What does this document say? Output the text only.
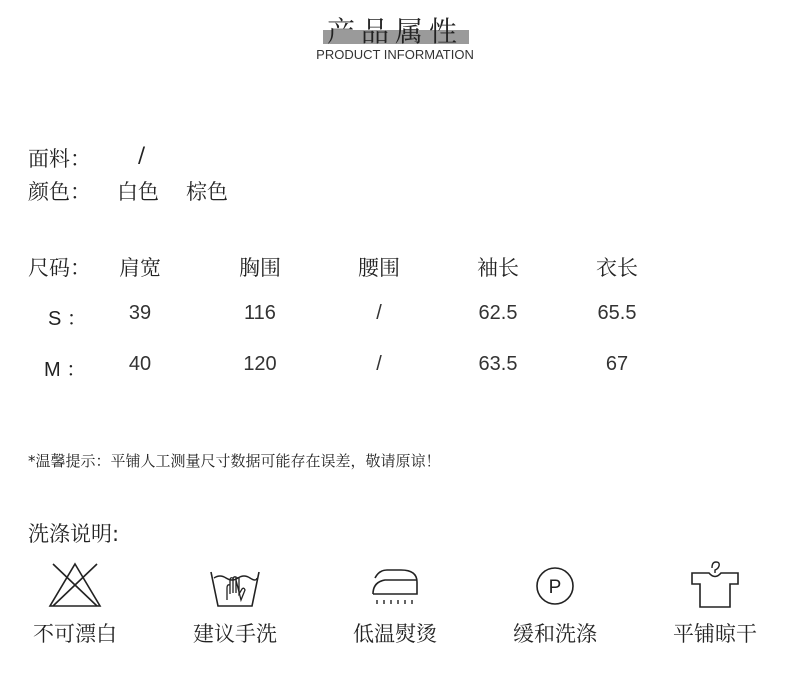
产品属性
PRODUCT INFORMATION
面料： /
颜色： 白色 棕色
尺码：	肩宽	胸围	腰围	袖长	衣长
S ：	39	116	/	62.5	65.5
M ：	40	120	/	63.5	67
*温馨提示：平铺人工测量尺寸数据可能存在误差，敬请原谅！
洗涤说明:
P
不可漂白	建议手洗	低温熨烫	缓和洗涤	平铺晾干
